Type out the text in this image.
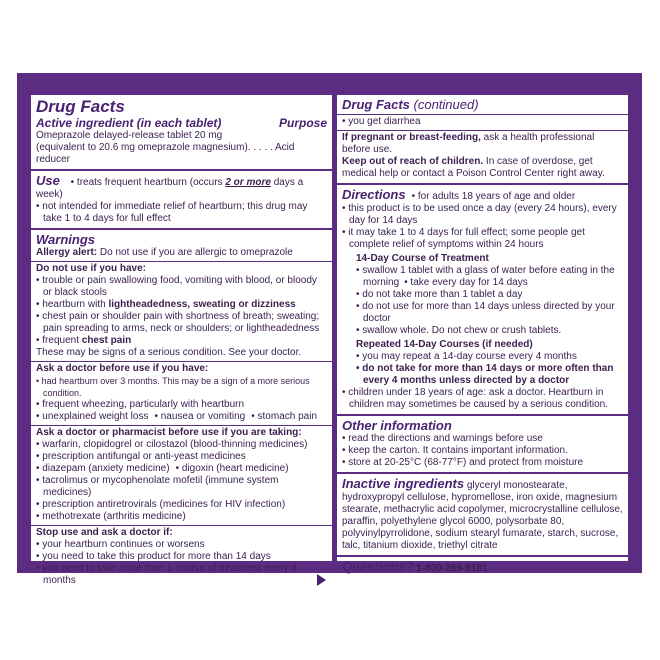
Drug Facts
Active ingredient (in each tablet)	Purpose
Omeprazole delayed-release tablet 20 mg
(equivalent to 20.6 mg omeprazole magnesium). . . . . Acid reducer
Use • treats frequent heartburn (occurs 2 or more days a week)
• not intended for immediate relief of heartburn; this drug may take 1 to 4 days for full effect
Warnings
Allergy alert: Do not use if you are allergic to omeprazole
Do not use if you have:
• trouble or pain swallowing food, vomiting with blood, or bloody or black stools
• heartburn with lightheadedness, sweating or dizziness
• chest pain or shoulder pain with shortness of breath; sweating; pain spreading to arms, neck or shoulders; or lightheadedness
• frequent chest pain
These may be signs of a serious condition. See your doctor.
Ask a doctor before use if you have:
• had heartburn over 3 months. This may be a sign of a more serious condition.
• frequent wheezing, particularly with heartburn
• unexplained weight loss • nausea or vomiting • stomach pain
Ask a doctor or pharmacist before use if you are taking:
• warfarin, clopidogrel or cilostazol (blood-thinning medicines)
• prescription antifungal or anti-yeast medicines
• diazepam (anxiety medicine) • digoxin (heart medicine)
• tacrolimus or mycophenolate mofetil (immune system medicines)
• prescription antiretrovirals (medicines for HIV infection)
• methotrexate (arthritis medicine)
Stop use and ask a doctor if:
• your heartburn continues or worsens
• you need to take this product for more than 14 days
• you need to take more than 1 course of treatment every 4 months
Drug Facts (continued)
• you get diarrhea
If pregnant or breast-feeding, ask a health professional before use.
Keep out of reach of children. In case of overdose, get medical help or contact a Poison Control Center right away.
Directions • for adults 18 years of age and older
• this product is to be used once a day (every 24 hours), every day for 14 days
• it may take 1 to 4 days for full effect; some people get complete relief of symptoms within 24 hours
14-Day Course of Treatment
• swallow 1 tablet with a glass of water before eating in the morning • take every day for 14 days
• do not take more than 1 tablet a day
• do not use for more than 14 days unless directed by your doctor
• swallow whole. Do not chew or crush tablets.
Repeated 14-Day Courses (if needed)
• you may repeat a 14-day course every 4 months
• do not take for more than 14 days or more often than every 4 months unless directed by a doctor
• children under 18 years of age: ask a doctor. Heartburn in children may sometimes be caused by a serious condition.
Other information
• read the directions and warnings before use
• keep the carton. It contains important information.
• store at 20-25°C (68-77°F) and protect from moisture
Inactive ingredients glyceryl monostearate, hydroxypropyl cellulose, hypromellose, iron oxide, magnesium stearate, methacrylic acid copolymer, microcrystalline cellulose, paraffin, polyethylene glycol 6000, polysorbate 80, polyvinylpyrrolidone, sodium stearyl fumarate, starch, sucrose, talc, titanium dioxide, triethyl citrate
Questions? 1-800-289-9181
